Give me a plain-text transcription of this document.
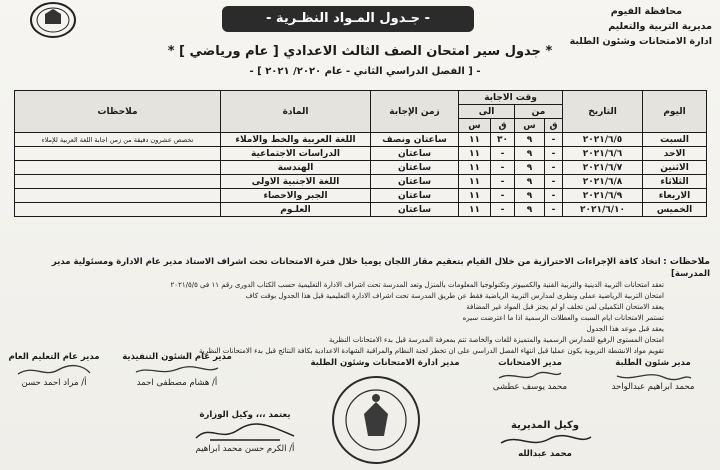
محافظة الفيوم
مديرية التربية والتعليم
ادارة الامتحانات وشئون الطلبة
- جـدول المـواد النظـرية -
* جدول سير امتحان الصف الثالث الاعدادي [ عام ورياضي ] *
- [ الفصل الدراسي الثاني - عام ٢٠٢٠/ ٢٠٢١ ] -
اليوم	التاريخ	وقت الاجابة				زمن الإجابة	المادة	ملاحظات
		من		الى				
		ق	س	ق	س			
السبت	٢٠٢١/٦/٥	-	٩	٣٠	١١	ساعتان ونصف	اللغة العربية والخط والاملاء	تخصص عشرون دقيقة من زمن اجابة اللغة العربية للإملاء
الاحد	٢٠٢١/٦/٦	-	٩	-	١١	ساعتان	الدراسات الاجتماعية	
الاثنين	٢٠٢١/٦/٧	-	٩	-	١١	ساعتان	الهندسة	
الثلاثاء	٢٠٢١/٦/٨	-	٩	-	١١	ساعتان	اللغة الاجنبية الاولى	
الاربعاء	٢٠٢١/٦/٩	-	٩	-	١١	ساعتان	الجبر والاحصاء	
الخميس	٢٠٢١/٦/١٠	-	٩	-	١١	ساعتان	العلـوم	
ملاحظات : اتخاذ كافة الإجراءات الاحترازية من خلال القيام بتعقيم مقار اللجان يوميا خلال فترة الامتحانات تحت اشراف الاستاذ مدير عام الادارة ومسئولية مدير المدرسة]
تعقد امتحانات التربية الدينية والتربية الفنية والكمبيوتر وتكنولوجيا المعلومات بالمنزل وتعد المدرسة تحت اشراف الادارة التعليمية حسب الكتاب الدورى رقم ١١ فى ٢٠٢١/٥/٥
امتحان التربية الرياضية عملى ونظرى لمدارس التربية الرياضية فقط عن طريق المدرسة تحت اشراف الادارة التعليمية قبل هذا الجدول بوقت كاف
يعقد الامتحان التكميلى لمن تخلف او لم يجتز قبل المواد غير المضافة
تستمر الامتحانات ايام السبت والعطلات الرسمية اذا ما اعترضت سيره
يعقد قبل موعد هذا الجدول
امتحان المستوى الرفيع للمدارس الرسمية والمتميزة للغات والخاصة تتم بمعرفة المدرسة قبل بدء الامتحانات النظرية
تقويم مواد الانشطة التربوية يكون عمليا قبل انتهاء الفصل الدراسي على ان تخطر لجنة النظام والمراقبة الشهادة الاعدادية بكافة النتائج قبل بدء الامتحانات النظرية
مدير عام التعليم العام
أ/ مراد احمد حسن
مدير عام الشئون التنفيذية
أ/ هشام مصطفى احمد
مدير ادارة الامتحانات وشئون الطلبة	مدير الامتحانات
محمد يوسف عطشى
مدير شئون الطلبة
محمد ابراهيم عبدالواحد
يعتمد ،،، وكيل الوزارة
أ/ الكرم حسن محمد ابراهيم
وكيل المديرية
محمد عبدالله
